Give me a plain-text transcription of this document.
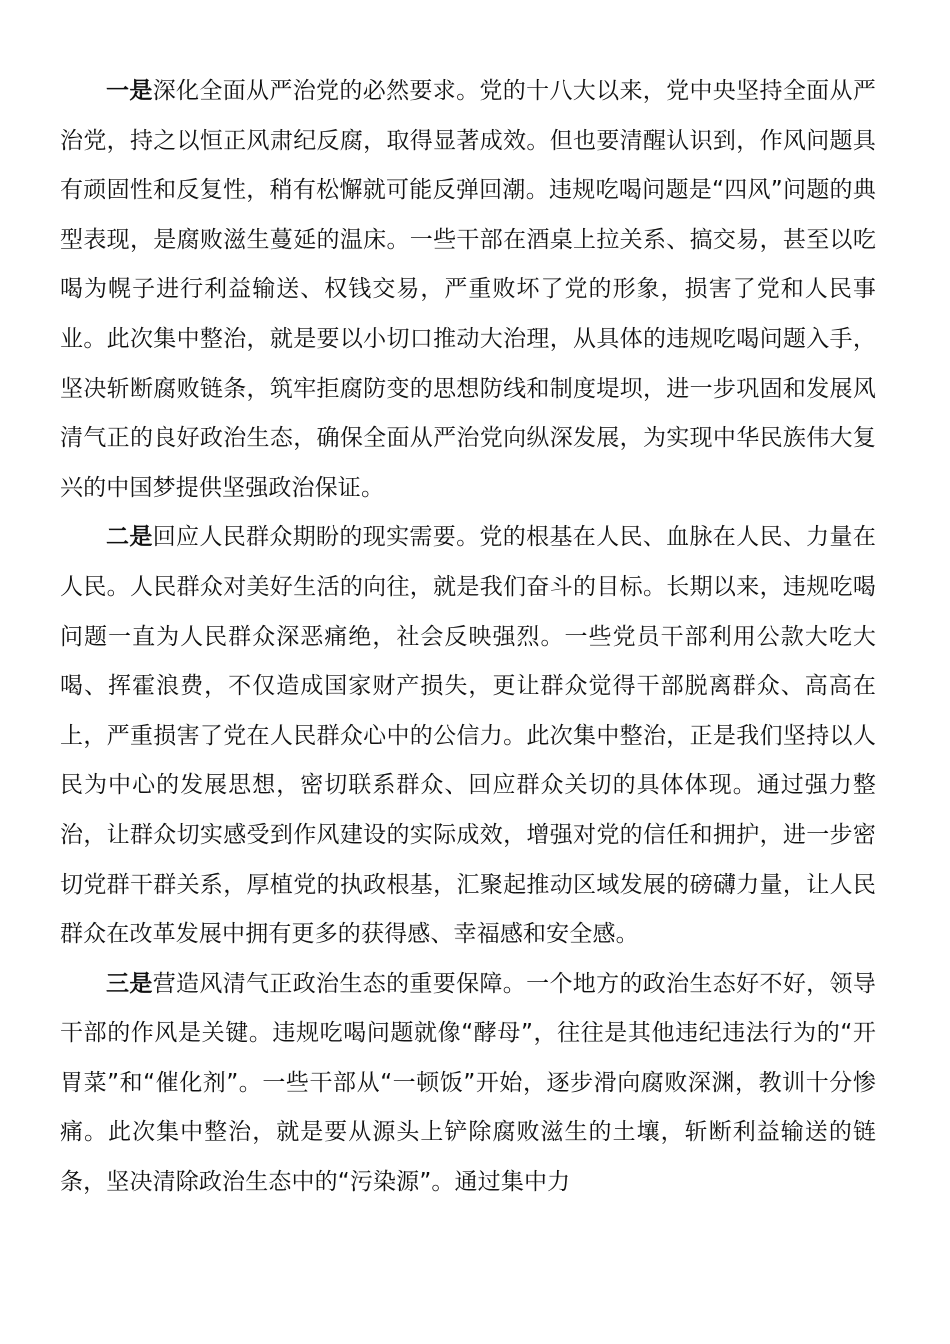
一是深化全面从严治党的必然要求。党的十八大以来，党中央坚持全面从严治党，持之以恒正风肃纪反腐，取得显著成效。但也要清醒认识到，作风问题具有顽固性和反复性，稍有松懈就可能反弹回潮。违规吃喝问题是“四风”问题的典型表现，是腐败滋生蔓延的温床。一些干部在酒桌上拉关系、搞交易，甚至以吃喝为幌子进行利益输送、权钱交易，严重败坏了党的形象，损害了党和人民事业。此次集中整治，就是要以小切口推动大治理，从具体的违规吃喝问题入手，坚决斩断腐败链条，筑牢拒腐防变的思想防线和制度堤坝，进一步巩固和发展风清气正的良好政治生态，确保全面从严治党向纵深发展，为实现中华民族伟大复兴的中国梦提供坚强政治保证。

二是回应人民群众期盼的现实需要。党的根基在人民、血脉在人民、力量在人民。人民群众对美好生活的向往，就是我们奋斗的目标。长期以来，违规吃喝问题一直为人民群众深恶痛绝，社会反映强烈。一些党员干部利用公款大吃大喝、挥霍浪费，不仅造成国家财产损失，更让群众觉得干部脱离群众、高高在上，严重损害了党在人民群众心中的公信力。此次集中整治，正是我们坚持以人民为中心的发展思想，密切联系群众、回应群众关切的具体体现。通过强力整治，让群众切实感受到作风建设的实际成效，增强对党的信任和拥护，进一步密切党群干群关系，厚植党的执政根基，汇聚起推动区域发展的磅礴力量，让人民群众在改革发展中拥有更多的获得感、幸福感和安全感。

三是营造风清气正政治生态的重要保障。一个地方的政治生态好不好，领导干部的作风是关键。违规吃喝问题就像“酵母”，往往是其他违纪违法行为的“开胃菜”和“催化剂”。一些干部从“一顿饭”开始，逐步滑向腐败深渊，教训十分惨痛。此次集中整治，就是要从源头上铲除腐败滋生的土壤，斩断利益输送的链条，坚决清除政治生态中的“污染源”。通过集中力
